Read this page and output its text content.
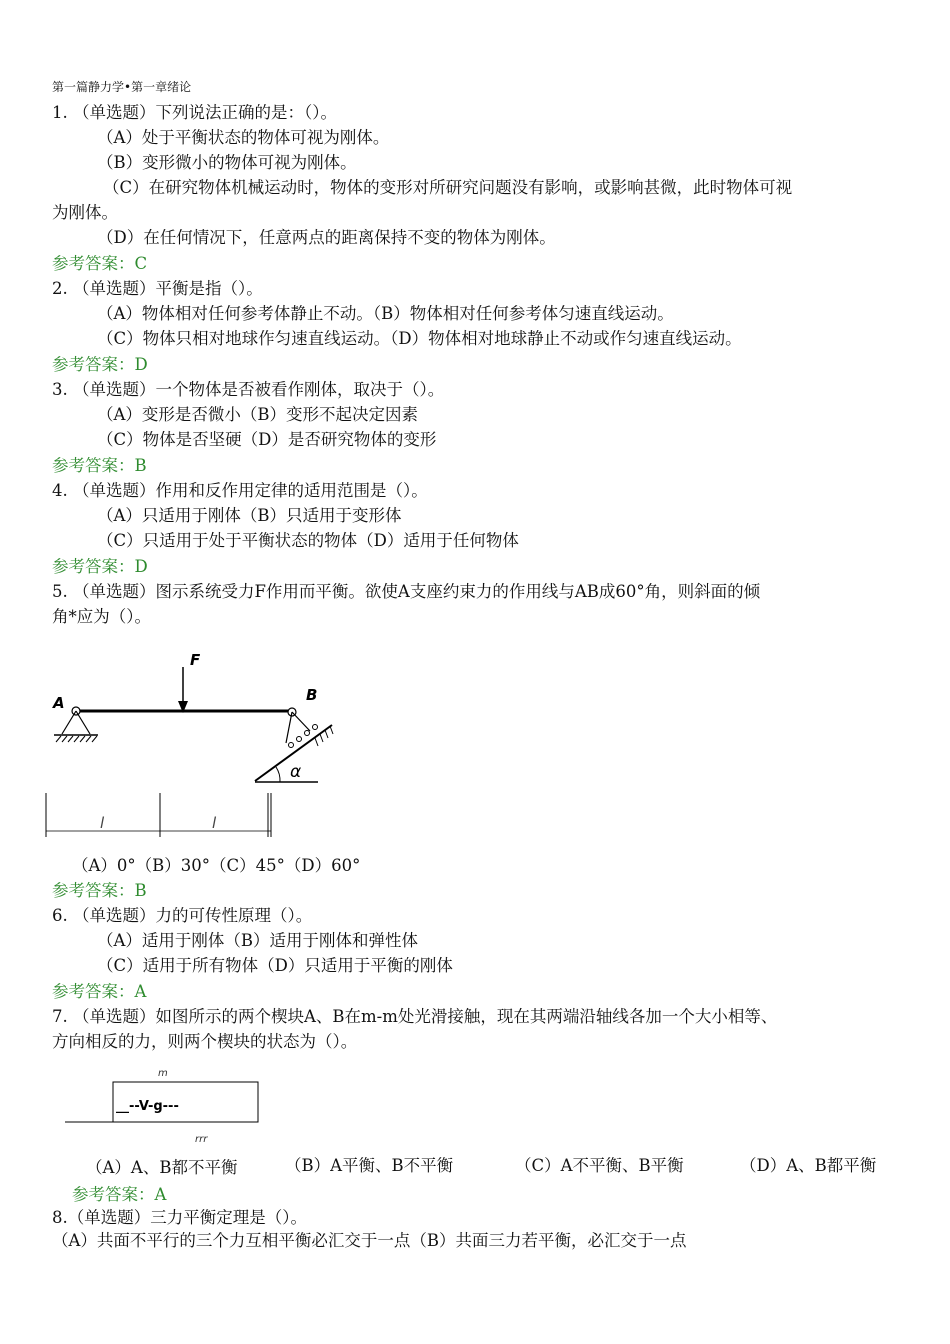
第一篇静力学•第一章绪论
1. （单选题）下列说法正确的是：（）。
（A）处于平衡状态的物体可视为刚体。
（B）变形微小的物体可视为刚体。
（C）在研究物体机械运动时，物体的变形对所研究问题没有影响，或影响甚微，此时物体可视
为刚体。
（D）在任何情况下，任意两点的距离保持不变的物体为刚体。
参考答案：C
2. （单选题）平衡是指（）。
（A）物体相对任何参考体静止不动。（B）物体相对任何参考体匀速直线运动。
（C）物体只相对地球作匀速直线运动。（D）物体相对地球静止不动或作匀速直线运动。
参考答案：D
3. （单选题）一个物体是否被看作刚体，取决于（）。
（A）变形是否微小（B）变形不起决定因素
（C）物体是否坚硬（D）是否研究物体的变形
参考答案：B
4. （单选题）作用和反作用定律的适用范围是（）。
（A）只适用于刚体（B）只适用于变形体
（C）只适用于处于平衡状态的物体（D）适用于任何物体
参考答案：D
5. （单选题）图示系统受力F作用而平衡。欲使A支座约束力的作用线与AB成60°角，则斜面的倾
角*应为（）。
F
A	B
α
l	l
（A）0°（B）30°（C）45°（D）60°
参考答案：B
6. （单选题）力的可传性原理（）。
（A）适用于刚体（B）适用于刚体和弹性体
（C）适用于所有物体（D）只适用于平衡的刚体
参考答案：A
7. （单选题）如图所示的两个楔块A、B在m-m处光滑接触，现在其两端沿轴线各加一个大小相等、
方向相反的力，则两个楔块的状态为（）。
m
__--V-g---
rrr
（A）A、B都不平衡	（B）A平衡、B不平衡	（C）A不平衡、B平衡	（D）A、B都平衡
参考答案：A
8.（单选题）三力平衡定理是（）。
（A）共面不平行的三个力互相平衡必汇交于一点（B）共面三力若平衡，必汇交于一点
